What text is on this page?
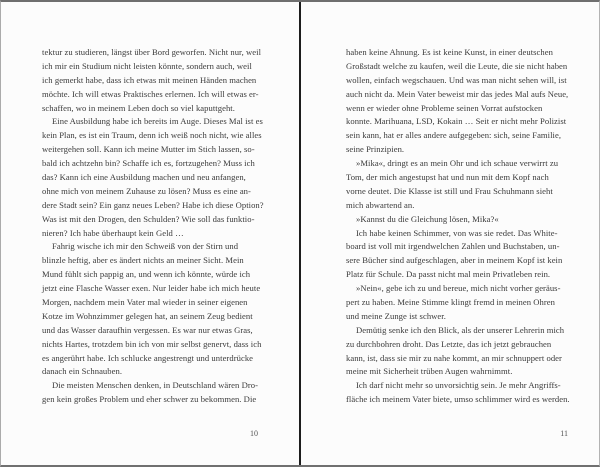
tektur zu studieren, längst über Bord geworfen. Nicht nur, weil
ich mir ein Studium nicht leisten könnte, sondern auch, weil
ich gemerkt habe, dass ich etwas mit meinen Händen machen
möchte. Ich will etwas Praktisches erlernen. Ich will etwas er-
schaffen, wo in meinem Leben doch so viel kaputtgeht.
Eine Ausbildung habe ich bereits im Auge. Dieses Mal ist es
kein Plan, es ist ein Traum, denn ich weiß noch nicht, wie alles
weitergehen soll. Kann ich meine Mutter im Stich lassen, so-
bald ich achtzehn bin? Schaffe ich es, fortzugehen? Muss ich
das? Kann ich eine Ausbildung machen und neu anfangen,
ohne mich von meinem Zuhause zu lösen? Muss es eine an-
dere Stadt sein? Ein ganz neues Leben? Habe ich diese Option?
Was ist mit den Drogen, den Schulden? Wie soll das funktio-
nieren? Ich habe überhaupt kein Geld …
Fahrig wische ich mir den Schweiß von der Stirn und
blinzle heftig, aber es ändert nichts an meiner Sicht. Mein
Mund fühlt sich pappig an, und wenn ich könnte, würde ich
jetzt eine Flasche Wasser exen. Nur leider habe ich mich heute
Morgen, nachdem mein Vater mal wieder in seiner eigenen
Kotze im Wohnzimmer gelegen hat, an seinem Zeug bedient
und das Wasser daraufhin vergessen. Es war nur etwas Gras,
nichts Hartes, trotzdem bin ich von mir selbst genervt, dass ich
es angerührt habe. Ich schlucke angestrengt und unterdrücke
danach ein Schnauben.
Die meisten Menschen denken, in Deutschland wären Dro-
gen kein großes Problem und eher schwer zu bekommen. Die
10
haben keine Ahnung. Es ist keine Kunst, in einer deutschen
Großstadt welche zu kaufen, weil die Leute, die sie nicht haben
wollen, einfach wegschauen. Und was man nicht sehen will, ist
auch nicht da. Mein Vater beweist mir das jedes Mal aufs Neue,
wenn er wieder ohne Probleme seinen Vorrat aufstocken
konnte. Marihuana, LSD, Kokain … Seit er nicht mehr Polizist
sein kann, hat er alles andere aufgegeben: sich, seine Familie,
seine Prinzipien.
»Mika«, dringt es an mein Ohr und ich schaue verwirrt zu
Tom, der mich angestupst hat und nun mit dem Kopf nach
vorne deutet. Die Klasse ist still und Frau Schuhmann sieht
mich abwartend an.
»Kannst du die Gleichung lösen, Mika?«
Ich habe keinen Schimmer, von was sie redet. Das White-
board ist voll mit irgendwelchen Zahlen und Buchstaben, un-
sere Bücher sind aufgeschlagen, aber in meinem Kopf ist kein
Platz für Schule. Da passt nicht mal mein Privatleben rein.
»Nein«, gebe ich zu und bereue, mich nicht vorher geräus-
pert zu haben. Meine Stimme klingt fremd in meinen Ohren
und meine Zunge ist schwer.
Demütig senke ich den Blick, als der unserer Lehrerin mich
zu durchbohren droht. Das Letzte, das ich jetzt gebrauchen
kann, ist, dass sie mir zu nahe kommt, an mir schnuppert oder
meine mit Sicherheit trüben Augen wahrnimmt.
Ich darf nicht mehr so unvorsichtig sein. Je mehr Angriffs-
fläche ich meinem Vater biete, umso schlimmer wird es werden.
11
